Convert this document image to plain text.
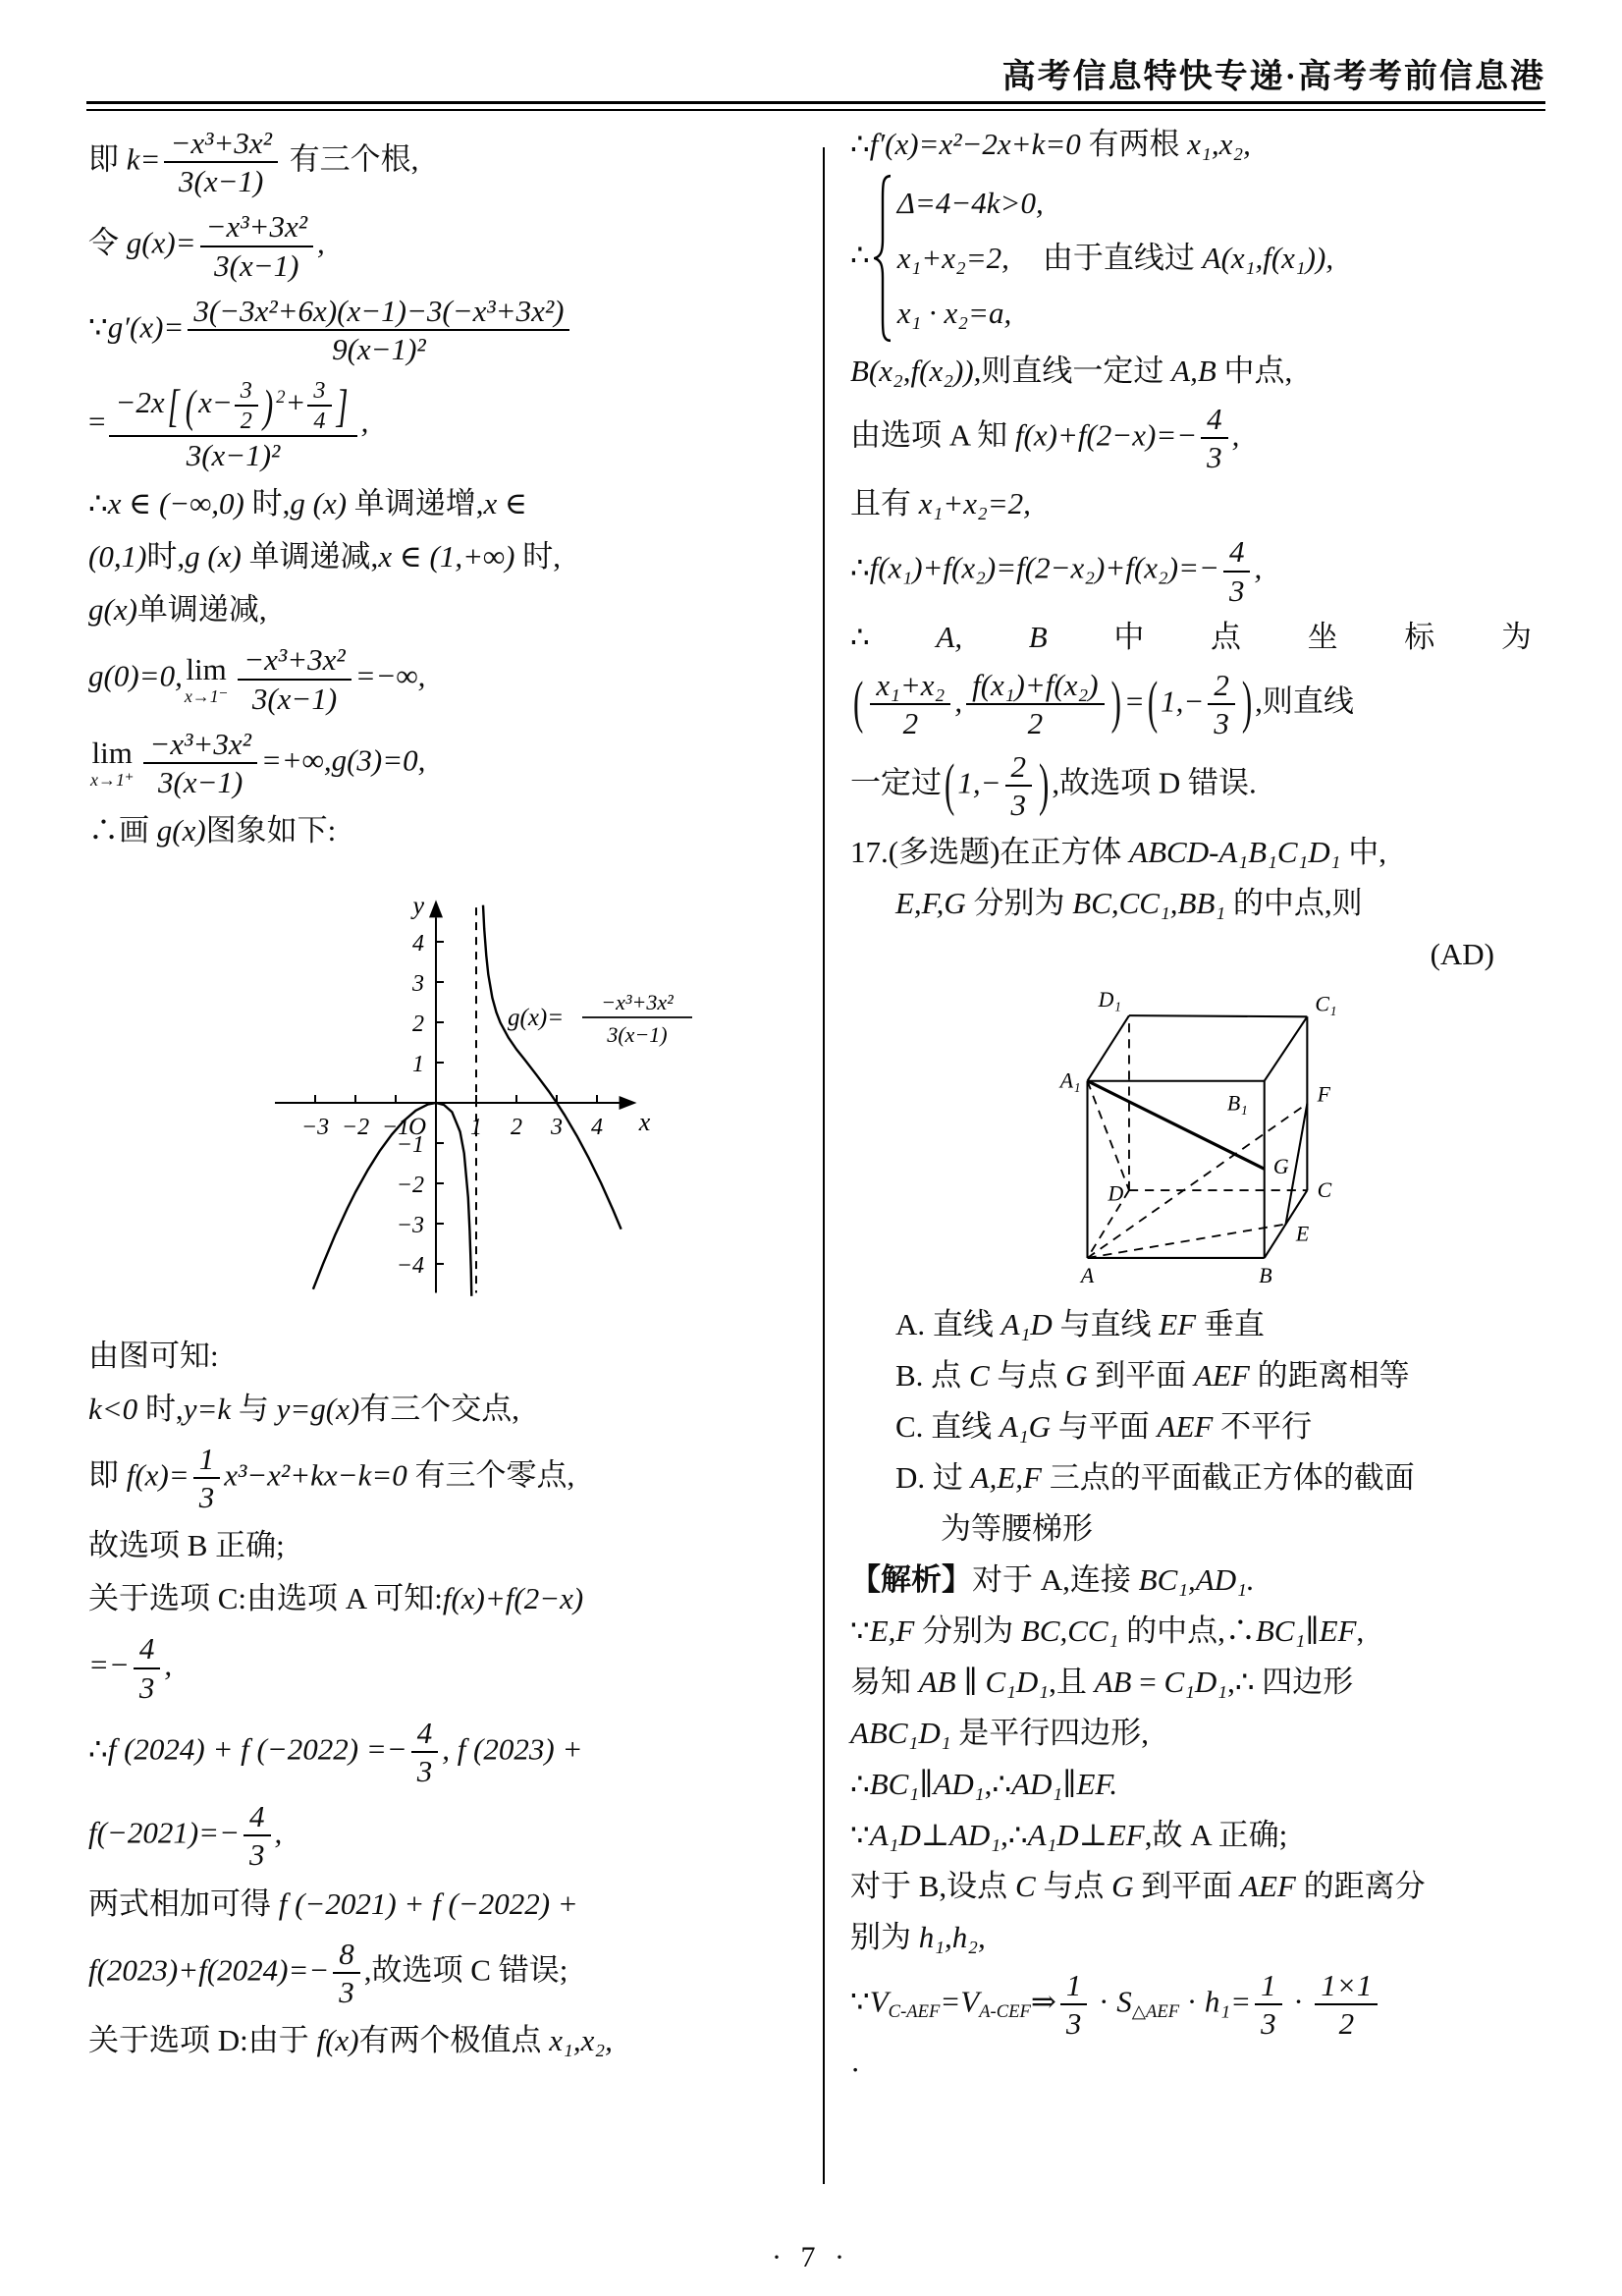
高考信息特快专递·高考考前信息港
即 $k= \frac{\text{−x³+3x²}}{3(x-1)}$ 有三个根,
令 $g(x)= \frac{\text{−x³+3x²}}{3(x-1)}$ ,
∵g′(x)= $\frac{\text{3(−3x²+6x)(x−1)−3(−x³+3x²)}}{\text{9(x−1)²}}$
= $\frac{-2x[ (x- \frac{3}{2} ) ^2+ \frac{3}{4} ]}{\text{3(x−1)²}}$ ,
∴x ∈ (−∞,0) 时,g (x) 单调递增,x ∈
(0,1)时,g (x) 单调递减,x ∈ (1,+∞) 时,
g(x)单调递减,
g(0)=0, lim
$x\to 1^- \frac{\text{−x³+3x²}}{3(x-1)}$ =−∞,
lim
$x\to 1^+ \frac{\text{−x³+3x²}}{3(x-1)} =+\infty,g(3)=0$,
∴画 g(x)图象如下:
−3 −2 −1	1 2 3 4
4
3
2
1
−1
−2
−3
−4
O	x
y
g(x)=
−x³+3x²
3(x−1)
由图可知:
k<0 时,y=k 与 y=g(x)有三个交点,
即 $f(x)= \frac{1}{3} x^3-x^2+kx-k=0$ 有三个零点,
故选项 B 正确;
关于选项 C:由选项 A 可知:f(x)+f(2−x)
=− $\frac{4}{3}$ ,
∴f (2024) + f $(-2022) =- \frac{4}{3}$ , f (2023) +
$f(-2021)=- \frac{4}{3}$ ,
两式相加可得 f (−2021) + f (−2022) +
$f(2023)+f(2024)=- \frac{8}{3}$ ,故选项 C 错误;
关于选项 D:由于 f(x)有两个极值点 x₁,x₂,
∴f′(x)=x²−2x+k=0 有两根 x₁,x₂,
∴
Δ=4−4k>0,
x₁+x₂=2, 由于直线过 A(x₁,f(x₁)),
x₁ · x₂=a,
B(x₂,f(x₂)),则直线一定过 A,B 中点,
由选项 A 知 $f(x)+f(2-x)=- \frac{4}{3}$ ,
且有 x₁+x₂=2,
∴f(x₁)+f(x₂)=f(2−x₂)+f(x₂)=− $\frac{4}{3}$ ,
∴ A, B 中 点 坐 标 为
( $\frac{\text{x₁+x₂}}{2}$ , $\frac{\text{f(x₁)+f(x₂)}}{2} )=(1,- \frac{2}{3}$ ),则直线
一定过($1,- \frac{2}{3}$ ),故选项 D 错误.
17.(多选题)在正方体 ABCD-A₁B₁C₁D₁ 中,
E,F,G 分别为 BC,CC₁,BB₁ 的中点,则
(AD)
A	B
C
D
A₁
B₁
C₁
D₁
E
F
G
A. 直线 A₁D 与直线 EF 垂直
B. 点 C 与点 G 到平面 AEF 的距离相等
C. 直线 A₁G 与平面 AEF 不平行
D. 过 A,E,F 三点的平面截正方体的截面
为等腰梯形
【解析】对于 A,连接 BC₁,AD₁.
∵E,F 分别为 BC,CC₁ 的中点,∴BC₁∥EF,
易知 AB ∥ C₁D₁,且 AB = C₁D₁,∴ 四边形
ABC₁D₁ 是平行四边形,
∴BC₁∥AD₁,∴AD₁∥EF.
∵A₁D⊥AD₁,∴A₁D⊥EF,故 A 正确;
对于 B,设点 C 与点 G 到平面 AEF 的距离分
别为 h₁,h₂,
$\because V_{C-AEF}=V_{A-CEF}\Rightarrow \frac{1}{3} \cdot S_{\triangle AEF} \cdot h_1= \frac{1}{3} \cdot \frac{1\times 1}{2}$
·
· 7 ·
